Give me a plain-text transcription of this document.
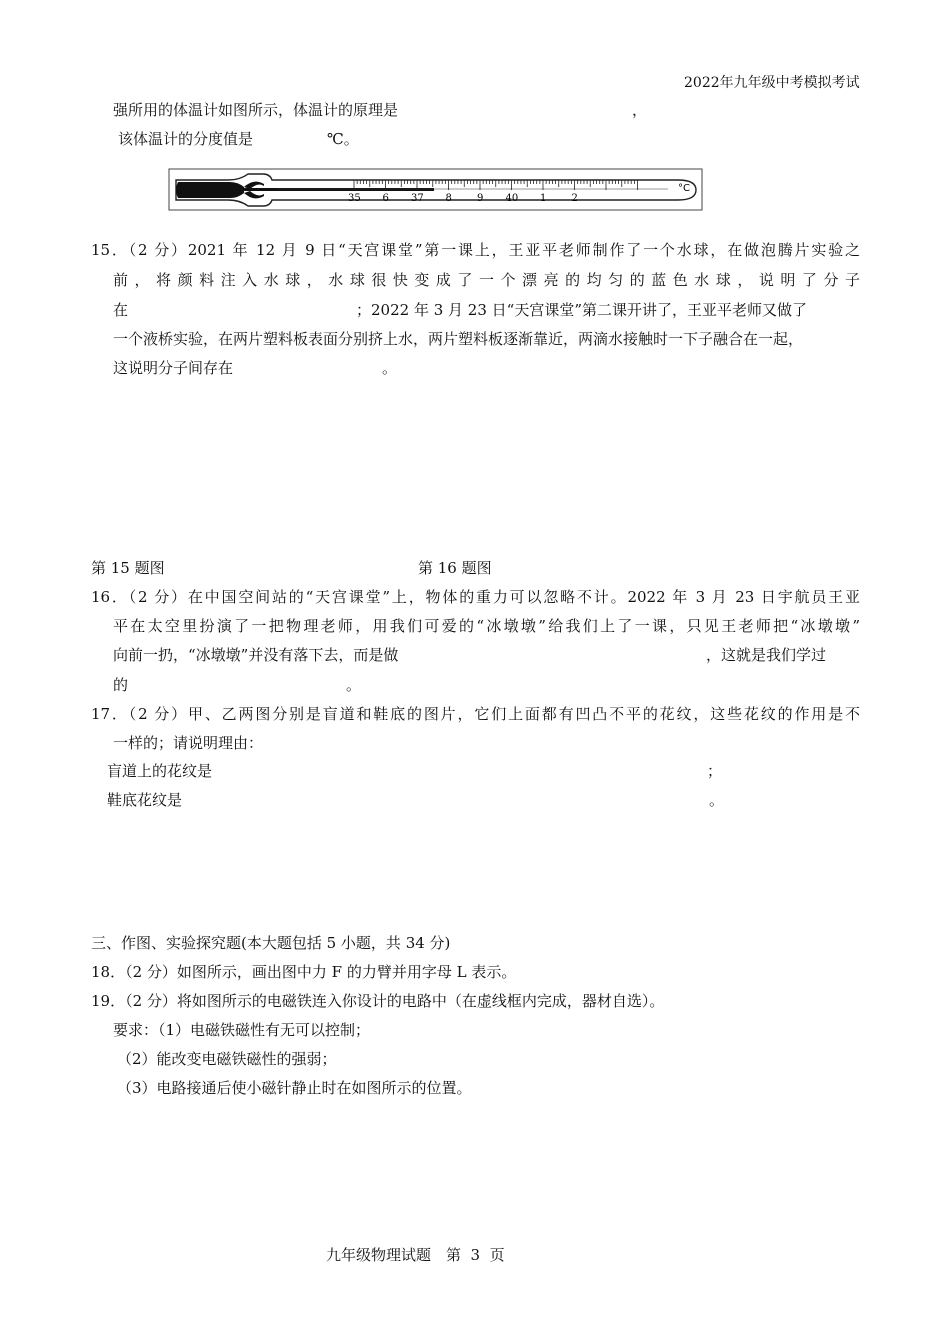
2022年九年级中考模拟考试
强所用的体温计如图所示，体温计的原理是	，
该体温计的分度值是	℃。
35 6 37 8	9 40 1	2
°C
15．（2 分）2021 年 12 月 9 日“天宫课堂”第一课上，王亚平老师制作了一个水球，在做泡腾片实验之
前，将颜料注入水球，水球很快变成了一个漂亮的均匀的蓝色水球，说明了分子
在	；2022 年 3 月 23 日“天宫课堂”第二课开讲了，王亚平老师又做了
一个液桥实验，在两片塑料板表面分别挤上水，两片塑料板逐渐靠近，两滴水接触时一下子融合在一起，
这说明分子间存在	。
第 15 题图	第 16 题图
16．（2 分）在中国空间站的“天宫课堂”上，物体的重力可以忽略不计。2022 年 3 月 23 日宇航员王亚
平在太空里扮演了一把物理老师，用我们可爱的“冰墩墩”给我们上了一课，只见王老师把“冰墩墩”
向前一扔，“冰墩墩”并没有落下去，而是做	，这就是我们学过
的	。
17．（2 分）甲、乙两图分别是盲道和鞋底的图片，它们上面都有凹凸不平的花纹，这些花纹的作用是不
一样的；请说明理由：
盲道上的花纹是	；
鞋底花纹是	。
三、作图、实验探究题(本大题包括 5 小题，共 34 分)
18．（2 分）如图所示，画出图中力 F 的力臂并用字母 L 表示。
19．（2 分）将如图所示的电磁铁连入你设计的电路中（在虚线框内完成，器材自选）。
要求：（1）电磁铁磁性有无可以控制；
（2）能改变电磁铁磁性的强弱；
（3）电路接通后使小磁针静止时在如图所示的位置。
九年级物理试题　第  3  页
